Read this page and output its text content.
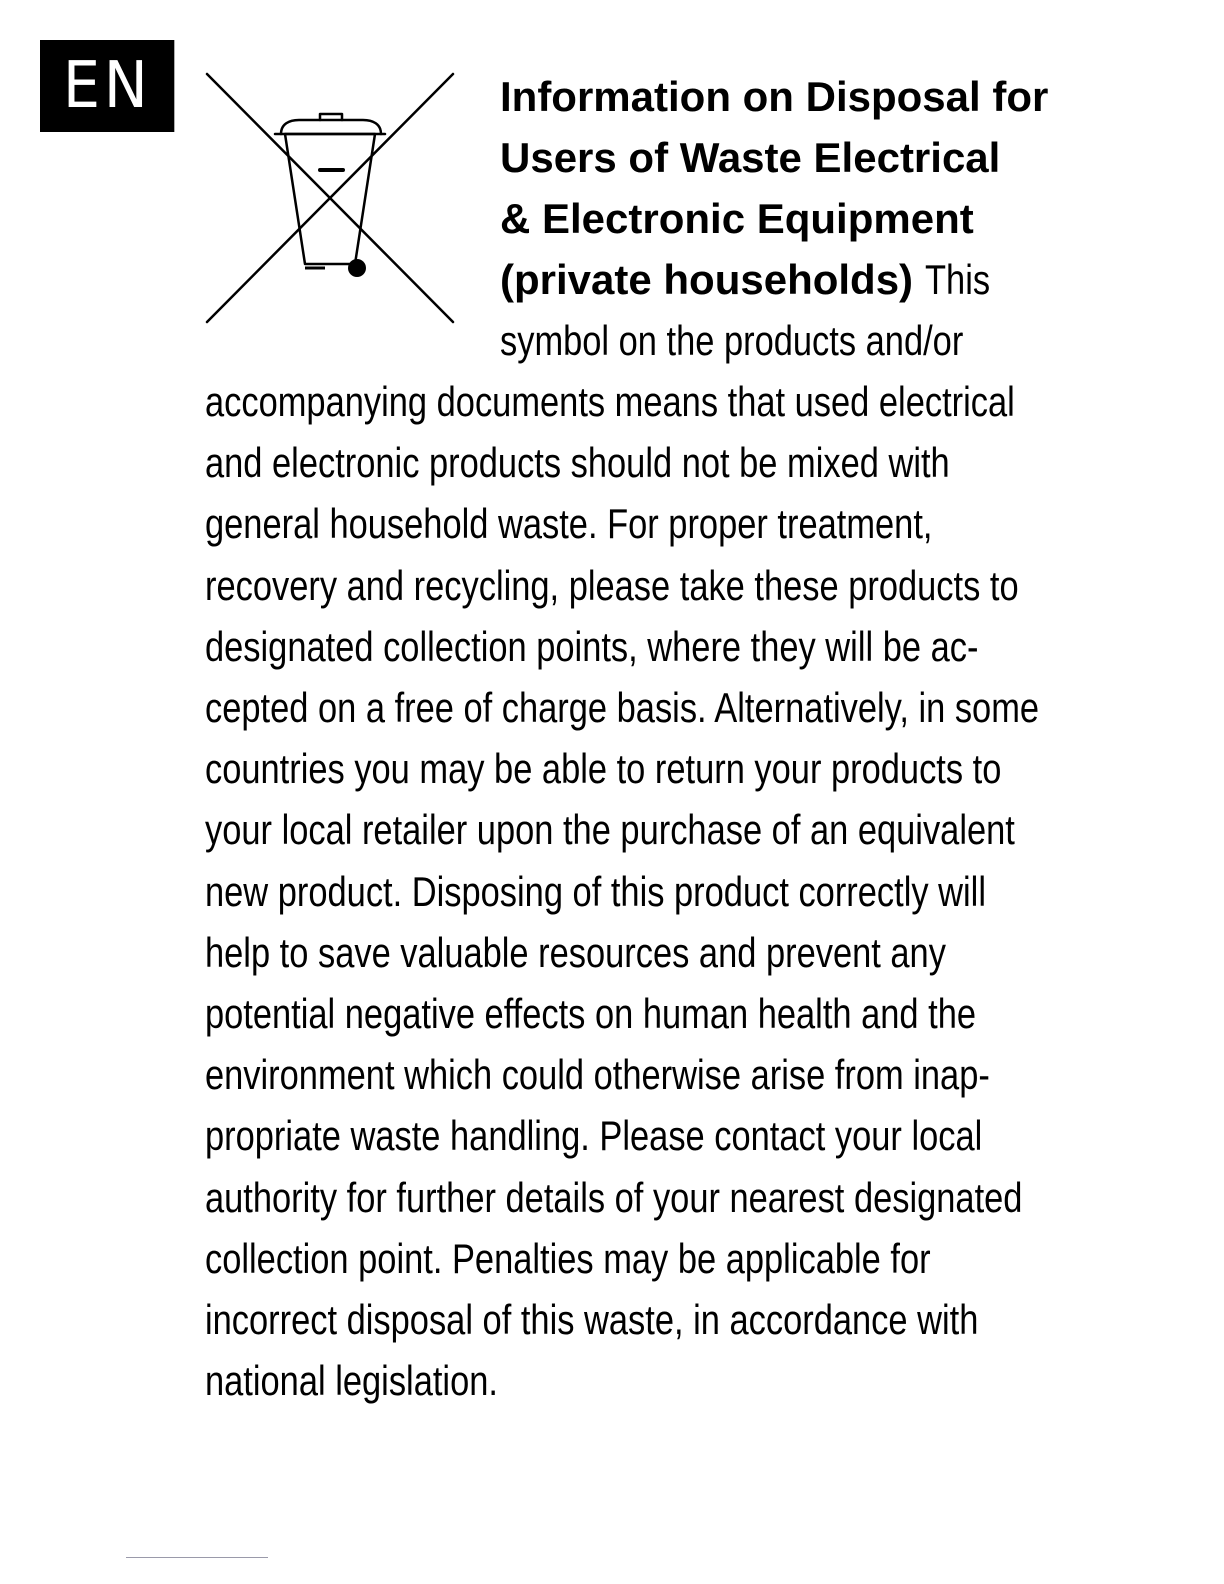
EN	Information on Disposal for
Users of Waste Electrical
& Electronic Equipment
(private households) This
symbol on the products and/or
accompanying documents means that used electrical
and electronic products should not be mixed with
general household waste. For proper treatment,
recovery and recycling, please take these products to
designated collection points, where they will be ac-
cepted on a free of charge basis. Alternatively, in some
countries you may be able to return your products to
your local retailer upon the purchase of an equivalent
new product. Disposing of this product correctly will
help to save valuable resources and prevent any
potential negative effects on human health and the
environment which could otherwise arise from inap-
propriate waste handling. Please contact your local
authority for further details of your nearest designated
collection point. Penalties may be applicable for
incorrect disposal of this waste, in accordance with
national legislation.
